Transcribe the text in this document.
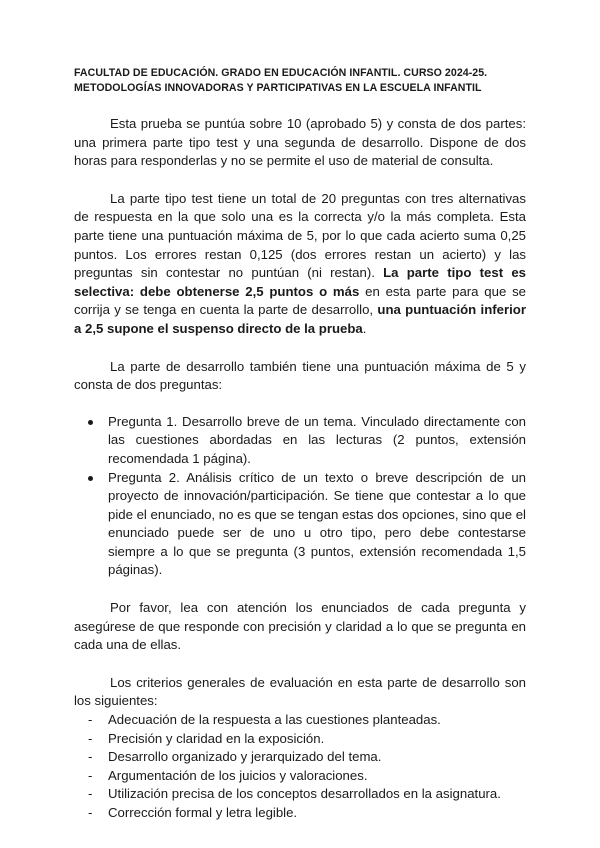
FACULTAD DE EDUCACIÓN. GRADO EN EDUCACIÓN INFANTIL. CURSO 2024-25.
METODOLOGÍAS INNOVADORAS Y PARTICIPATIVAS EN LA ESCUELA INFANTIL

Esta prueba se puntúa sobre 10 (aprobado 5) y consta de dos partes: una primera parte tipo test y una segunda de desarrollo. Dispone de dos horas para responderlas y no se permite el uso de material de consulta.

La parte tipo test tiene un total de 20 preguntas con tres alternativas de respuesta en la que solo una es la correcta y/o la más completa. Esta parte tiene una puntuación máxima de 5, por lo que cada acierto suma 0,25 puntos. Los errores restan 0,125 (dos errores restan un acierto) y las preguntas sin contestar no puntúan (ni restan). La parte tipo test es selectiva: debe obtenerse 2,5 puntos o más en esta parte para que se corrija y se tenga en cuenta la parte de desarrollo, una puntuación inferior a 2,5 supone el suspenso directo de la prueba.

La parte de desarrollo también tiene una puntuación máxima de 5 y consta de dos preguntas:

Pregunta 1. Desarrollo breve de un tema. Vinculado directamente con las cuestiones abordadas en las lecturas (2 puntos, extensión recomendada 1 página).
Pregunta 2. Análisis crítico de un texto o breve descripción de un proyecto de innovación/participación. Se tiene que contestar a lo que pide el enunciado, no es que se tengan estas dos opciones, sino que el enunciado puede ser de uno u otro tipo, pero debe contestarse siempre a lo que se pregunta (3 puntos, extensión recomendada 1,5 páginas).

Por favor, lea con atención los enunciados de cada pregunta y asegúrese de que responde con precisión y claridad a lo que se pregunta en cada una de ellas.

Los criterios generales de evaluación en esta parte de desarrollo son los siguientes:

- Adecuación de la respuesta a las cuestiones planteadas.
- Precisión y claridad en la exposición.
- Desarrollo organizado y jerarquizado del tema.
- Argumentación de los juicios y valoraciones.
- Utilización precisa de los conceptos desarrollados en la asignatura.
- Corrección formal y letra legible.
